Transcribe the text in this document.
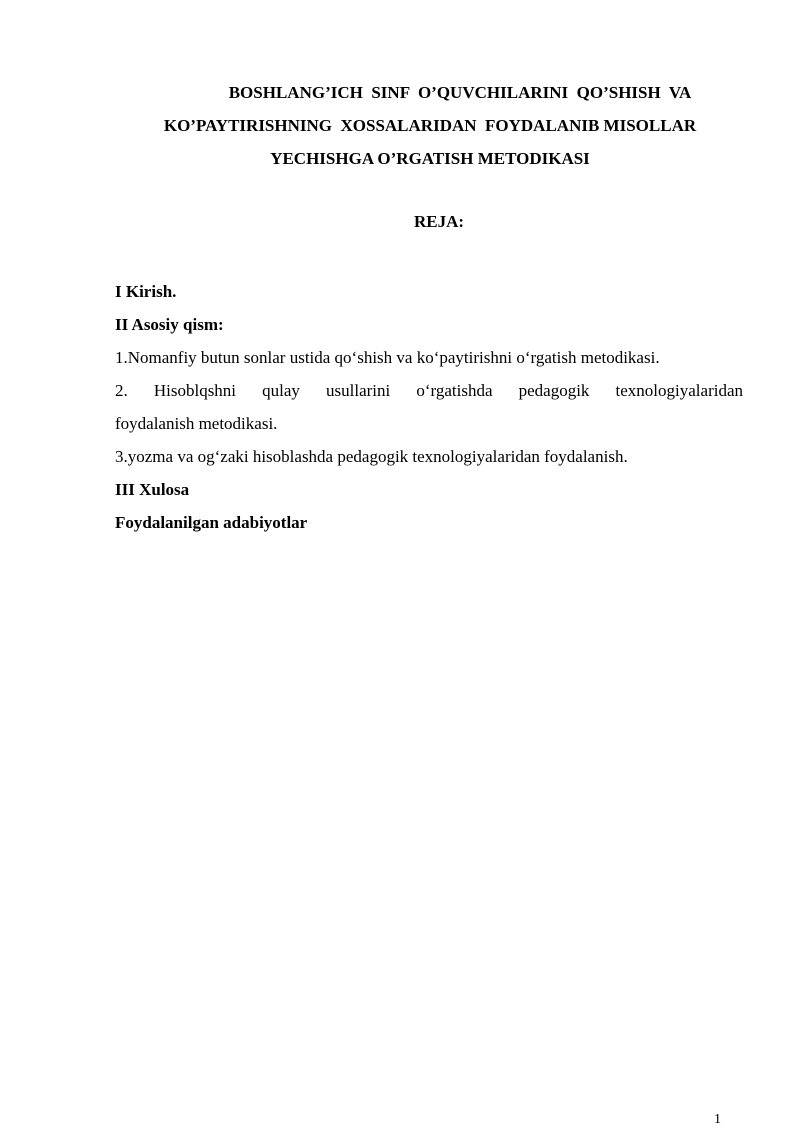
BOSHLANG’ICH  SINF  O’QUVCHILARINI  QO’SHISH  VA
KO’PAYTIRISHNING  XOSSALARIDAN  FOYDALANIB MISOLLAR
YECHISHGA O’RGATISH METODIKASI
REJA:
I Kirish.
II Asosiy qism:
1.Nomanfiy butun sonlar ustida qo‘shish va ko‘paytirishni o‘rgatish metodikasi.
2. Hisoblqshni qulay usullarini o‘rgatishda pedagogik texnologiyalaridan
foydalanish metodikasi.
3.yozma va og‘zaki hisoblashda pedagogik texnologiyalaridan foydalanish.
III Xulosa
Foydalanilgan adabiyotlar
1
